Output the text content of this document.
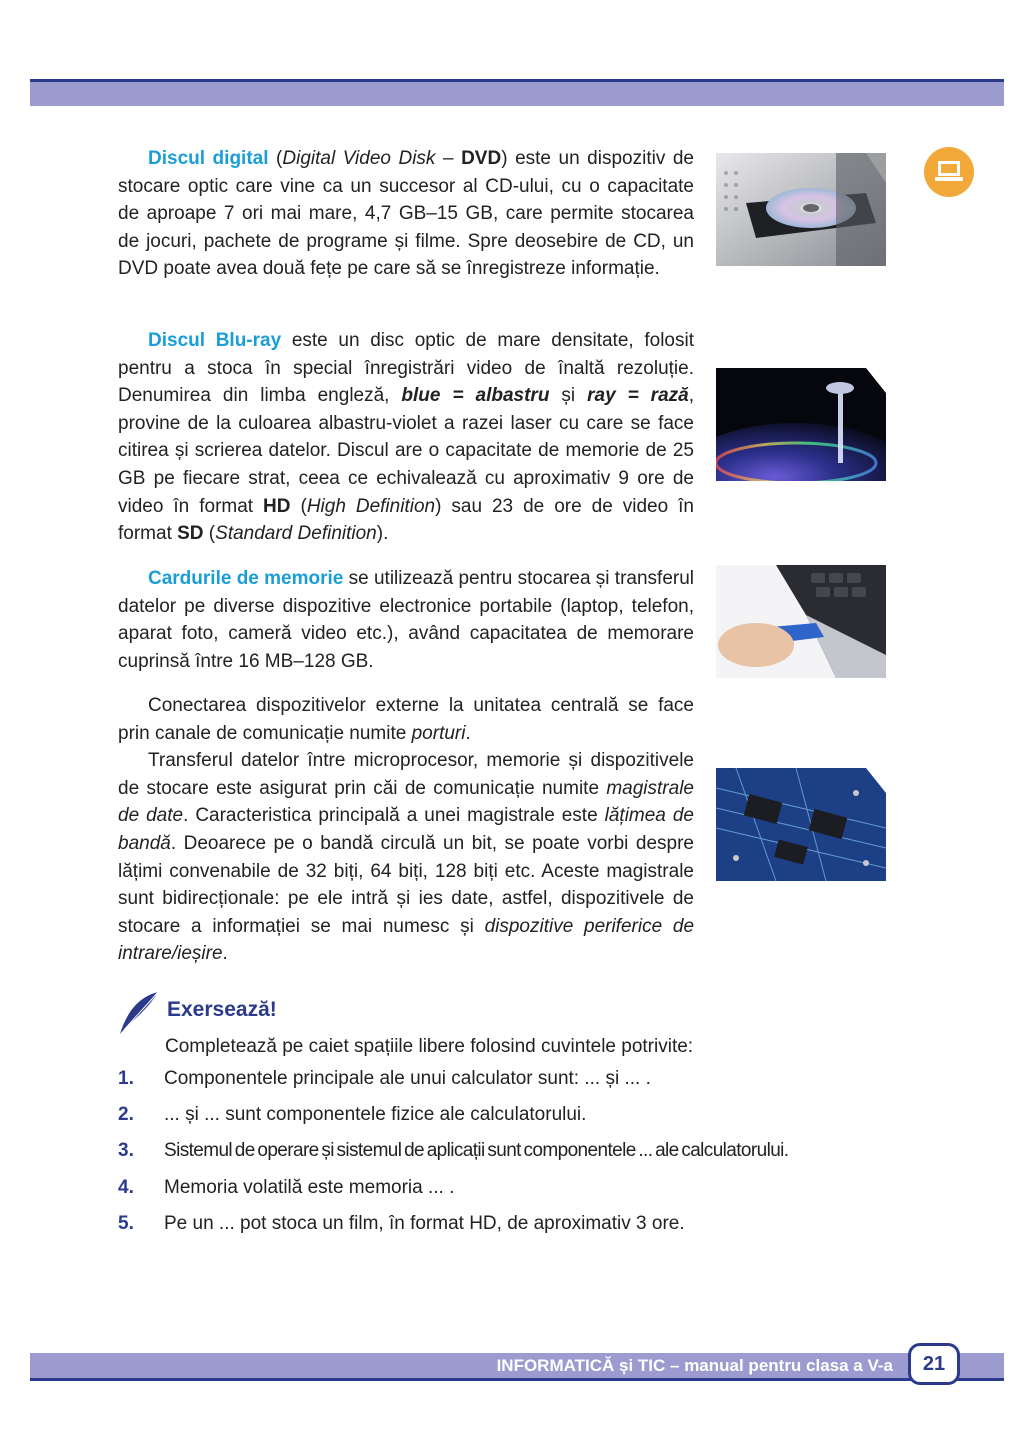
Discul digital (Digital Video Disk – DVD) este un dispozitiv de stocare optic care vine ca un succesor al CD-ului, cu o capacitate de aproape 7 ori mai mare, 4,7 GB–15 GB, care permite stocarea de jocuri, pachete de programe și filme. Spre deosebire de CD, un DVD poate avea două fețe pe care să se înregistreze informație.

Discul Blu-ray este un disc optic de mare densitate, folosit pentru a stoca în special înregistrări video de înaltă rezoluție. Denumirea din limba engleză, blue = albastru și ray = rază, provine de la culoarea albastru-violet a razei laser cu care se face citirea și scrierea datelor. Discul are o capacitate de memorie de 25 GB pe fiecare strat, ceea ce echivalează cu aproximativ 9 ore de video în format HD (High Definition) sau 23 de ore de video în format SD (Standard Definition).

Cardurile de memorie se utilizează pentru stocarea și transferul datelor pe diverse dispozitive electronice portabile (laptop, telefon, aparat foto, cameră video etc.), având capacitatea de memorare cuprinsă între 16 MB–128 GB.

Conectarea dispozitivelor externe la unitatea centrală se face prin canale de comunicație numite porturi.

Transferul datelor între microprocesor, memorie și dispozitivele de stocare este asigurat prin căi de comunicație numite magistrale de date. Caracteristica principală a unei magistrale este lățimea de bandă. Deoarece pe o bandă circulă un bit, se poate vorbi despre lățimi convenabile de 32 biți, 64 biți, 128 biți etc. Aceste magistrale sunt bidirecționale: pe ele intră și ies date, astfel, dispozitivele de stocare a informației se mai numesc și dispozitive periferice de intrare/ieșire.

Exersează!
Completează pe caiet spațiile libere folosind cuvintele potrivite:
1. Componentele principale ale unui calculator sunt: ... și ... .
2. ... și ... sunt componentele fizice ale calculatorului.
3. Sistemul de operare și sistemul de aplicații sunt componentele ... ale calculatorului.
4. Memoria volatilă este memoria ... .
5. Pe un ... pot stoca un film, în format HD, de aproximativ 3 ore.
INFORMATICĂ și TIC – manual pentru clasa a V-a	21
